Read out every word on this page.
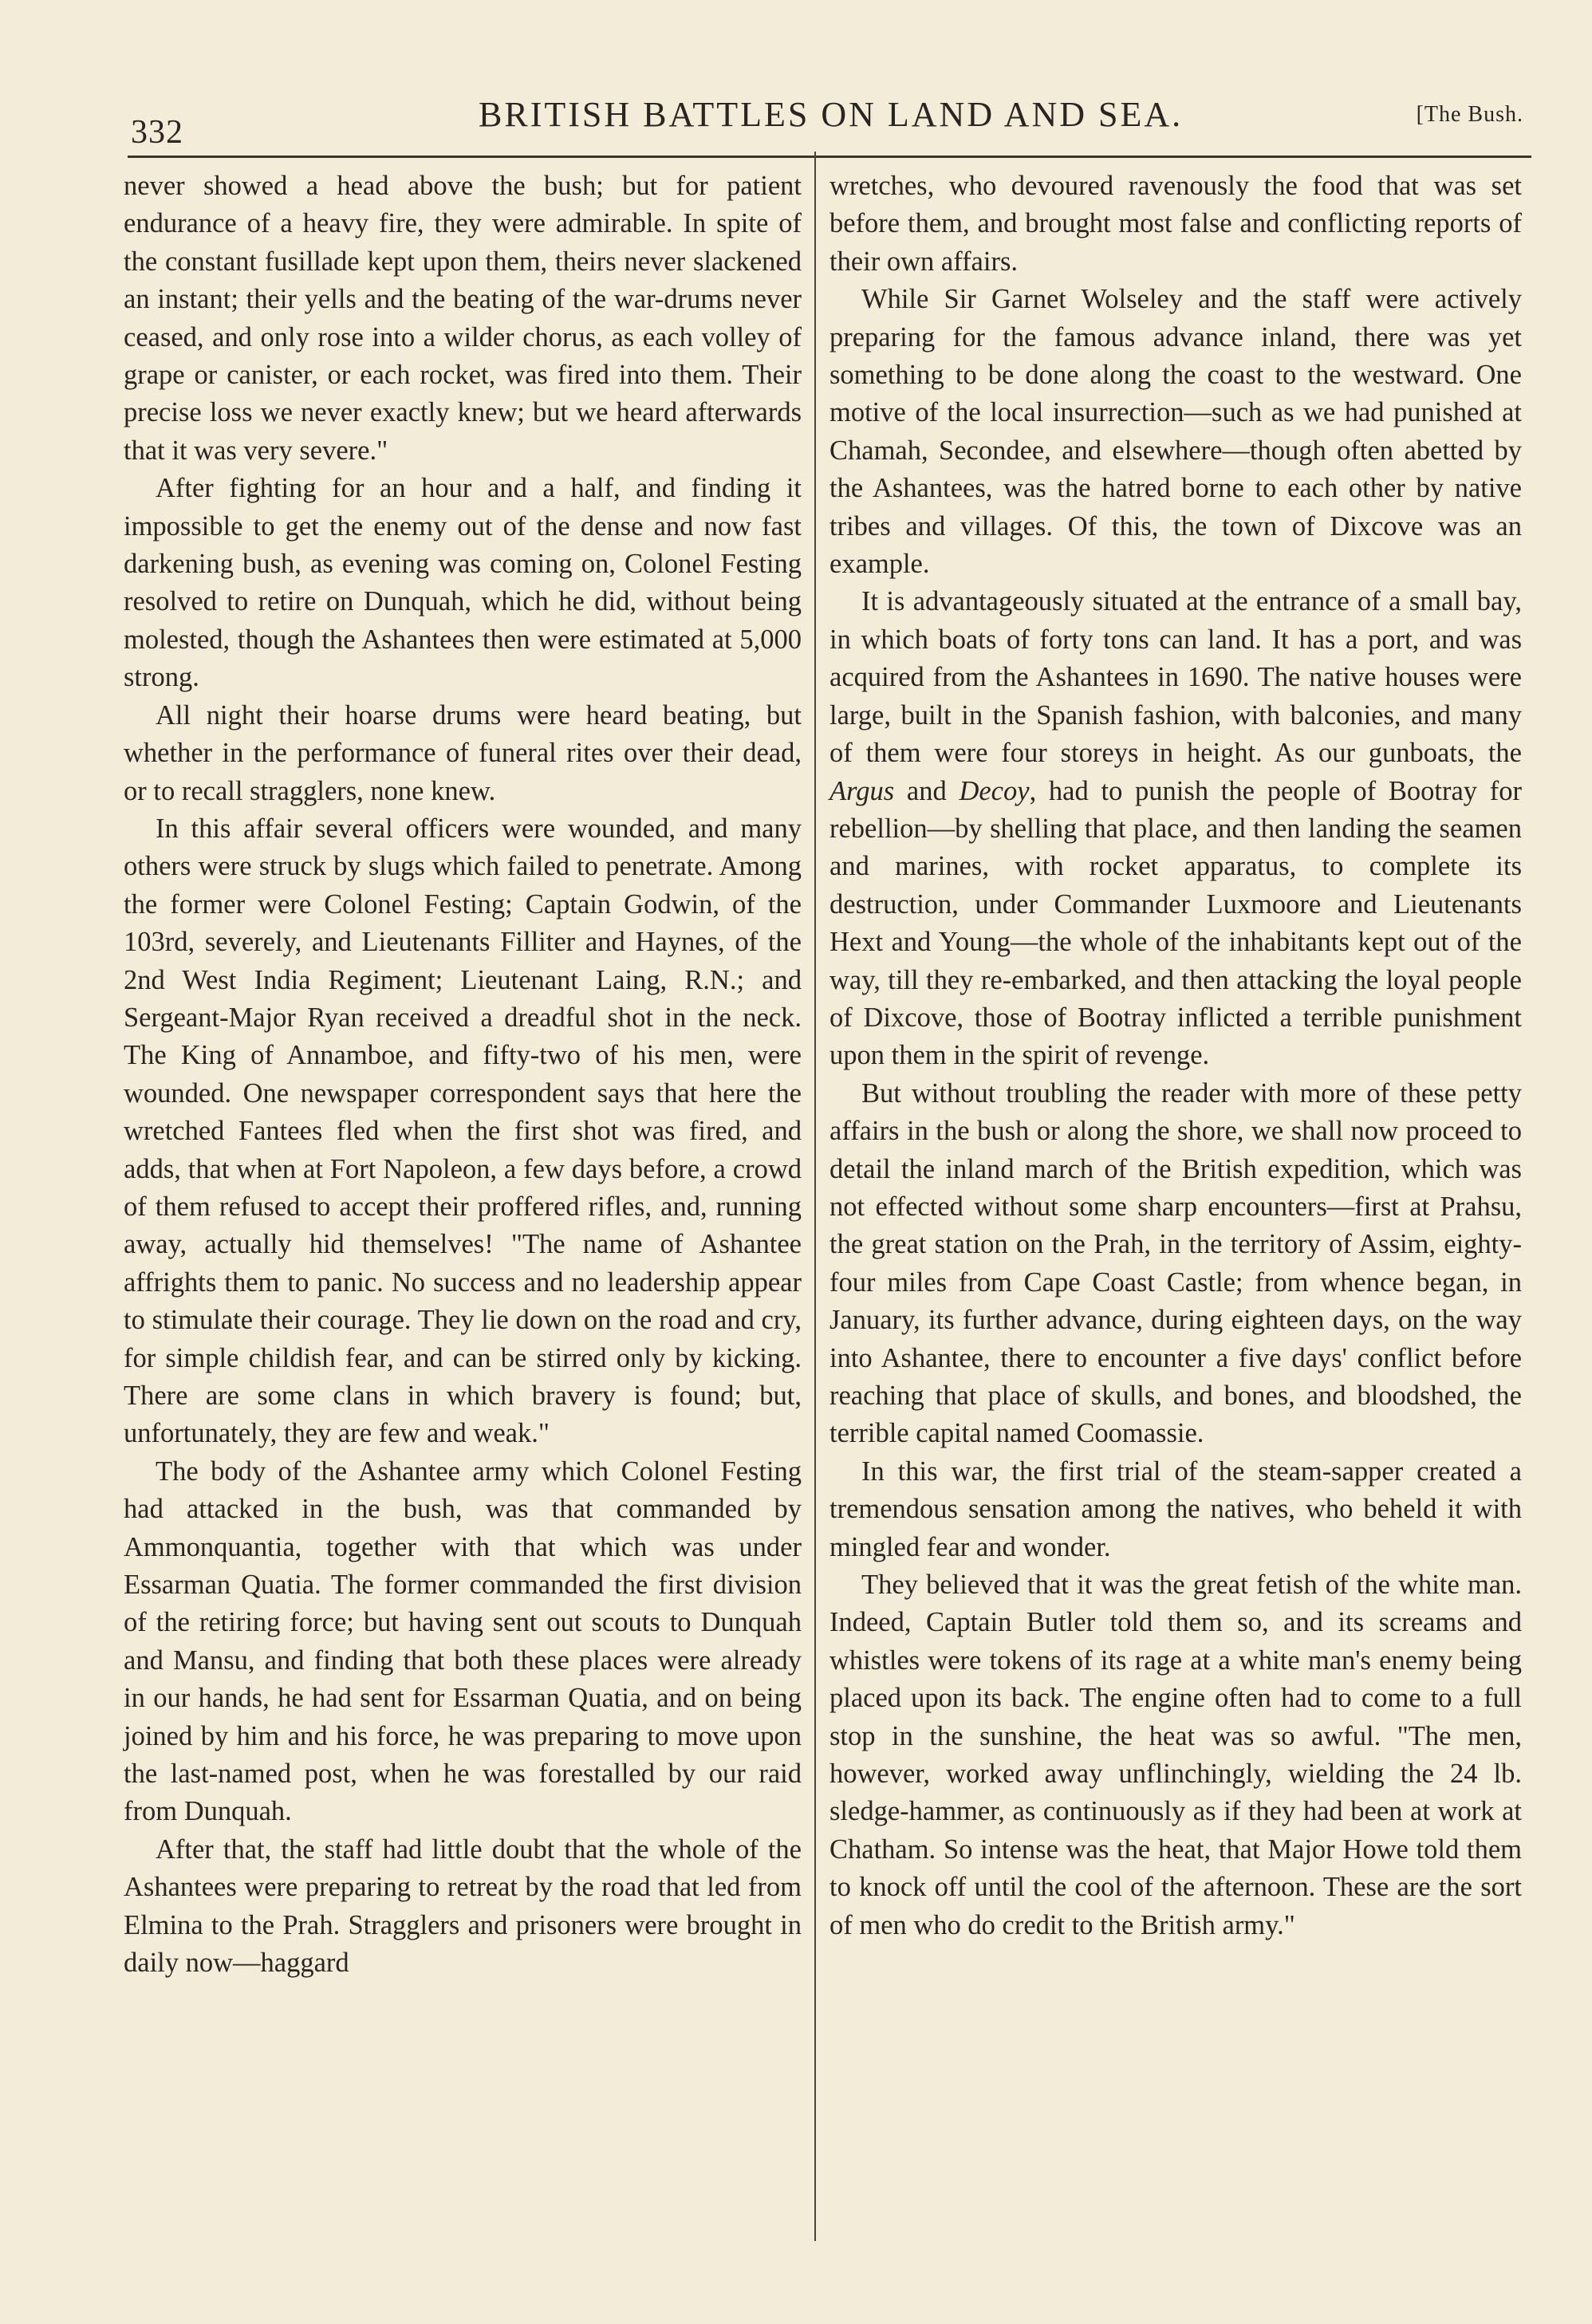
332	BRITISH BATTLES ON LAND AND SEA.	[The Bush.

never showed a head above the bush; but for patient endurance of a heavy fire, they were admirable. In spite of the constant fusillade kept upon them, theirs never slackened an instant; their yells and the beating of the war-drums never ceased, and only rose into a wilder chorus, as each volley of grape or canister, or each rocket, was fired into them. Their precise loss we never exactly knew; but we heard afterwards that it was very severe."

After fighting for an hour and a half, and finding it impossible to get the enemy out of the dense and now fast darkening bush, as evening was coming on, Colonel Festing resolved to retire on Dunquah, which he did, without being molested, though the Ashantees then were estimated at 5,000 strong.

All night their hoarse drums were heard beating, but whether in the performance of funeral rites over their dead, or to recall stragglers, none knew.

In this affair several officers were wounded, and many others were struck by slugs which failed to penetrate. Among the former were Colonel Festing; Captain Godwin, of the 103rd, severely, and Lieutenants Filliter and Haynes, of the 2nd West India Regiment; Lieutenant Laing, R.N.; and Sergeant-Major Ryan received a dreadful shot in the neck. The King of Annamboe, and fifty-two of his men, were wounded. One newspaper correspondent says that here the wretched Fantees fled when the first shot was fired, and adds, that when at Fort Napoleon, a few days before, a crowd of them refused to accept their proffered rifles, and, running away, actually hid themselves! "The name of Ashantee affrights them to panic. No success and no leadership appear to stimulate their courage. They lie down on the road and cry, for simple childish fear, and can be stirred only by kicking. There are some clans in which bravery is found; but, unfortunately, they are few and weak."

The body of the Ashantee army which Colonel Festing had attacked in the bush, was that commanded by Ammonquantia, together with that which was under Essarman Quatia. The former commanded the first division of the retiring force; but having sent out scouts to Dunquah and Mansu, and finding that both these places were already in our hands, he had sent for Essarman Quatia, and on being joined by him and his force, he was preparing to move upon the last-named post, when he was forestalled by our raid from Dunquah.

After that, the staff had little doubt that the whole of the Ashantees were preparing to retreat by the road that led from Elmina to the Prah. Stragglers and prisoners were brought in daily now—haggard

wretches, who devoured ravenously the food that was set before them, and brought most false and conflicting reports of their own affairs.

While Sir Garnet Wolseley and the staff were actively preparing for the famous advance inland, there was yet something to be done along the coast to the westward. One motive of the local insurrection—such as we had punished at Chamah, Secondee, and elsewhere—though often abetted by the Ashantees, was the hatred borne to each other by native tribes and villages. Of this, the town of Dixcove was an example.

It is advantageously situated at the entrance of a small bay, in which boats of forty tons can land. It has a port, and was acquired from the Ashantees in 1690. The native houses were large, built in the Spanish fashion, with balconies, and many of them were four storeys in height. As our gunboats, the Argus and Decoy, had to punish the people of Bootray for rebellion—by shelling that place, and then landing the seamen and marines, with rocket apparatus, to complete its destruction, under Commander Luxmoore and Lieutenants Hext and Young—the whole of the inhabitants kept out of the way, till they re-embarked, and then attacking the loyal people of Dixcove, those of Bootray inflicted a terrible punishment upon them in the spirit of revenge.

But without troubling the reader with more of these petty affairs in the bush or along the shore, we shall now proceed to detail the inland march of the British expedition, which was not effected without some sharp encounters—first at Prahsu, the great station on the Prah, in the territory of Assim, eighty-four miles from Cape Coast Castle; from whence began, in January, its further advance, during eighteen days, on the way into Ashantee, there to encounter a five days' conflict before reaching that place of skulls, and bones, and bloodshed, the terrible capital named Coomassie.

In this war, the first trial of the steam-sapper created a tremendous sensation among the natives, who beheld it with mingled fear and wonder.

They believed that it was the great fetish of the white man. Indeed, Captain Butler told them so, and its screams and whistles were tokens of its rage at a white man's enemy being placed upon its back. The engine often had to come to a full stop in the sunshine, the heat was so awful. "The men, however, worked away unflinchingly, wielding the 24 lb. sledge-hammer, as continuously as if they had been at work at Chatham. So intense was the heat, that Major Howe told them to knock off until the cool of the afternoon. These are the sort of men who do credit to the British army."
